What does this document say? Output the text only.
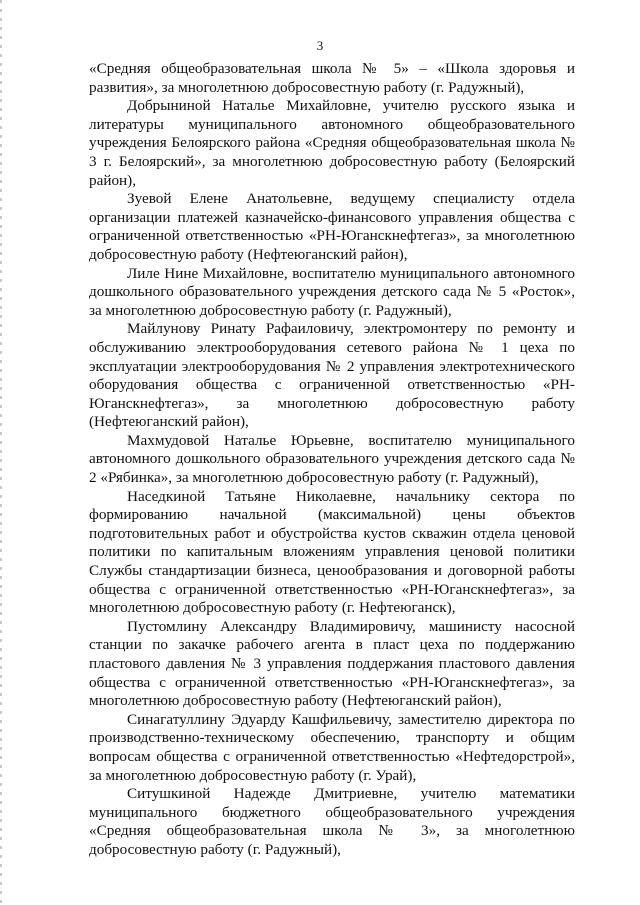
3

«Средняя общеобразовательная школа № 5» – «Школа здоровья и развития», за многолетнюю добросовестную работу (г. Радужный),

Добрыниной Наталье Михайловне, учителю русского языка и литературы муниципального автономного общеобразовательного учреждения Белоярского района «Средняя общеобразовательная школа № 3 г. Белоярский», за многолетнюю добросовестную работу (Белоярский район),

Зуевой Елене Анатольевне, ведущему специалисту отдела организации платежей казначейско-финансового управления общества с ограниченной ответственностью «РН-Юганскнефтегаз», за многолетнюю добросовестную работу (Нефтеюганский район),

Лиле Нине Михайловне, воспитателю муниципального автономного дошкольного образовательного учреждения детского сада № 5 «Росток», за многолетнюю добросовестную работу (г. Радужный),

Майлунову Ринату Рафаиловичу, электромонтеру по ремонту и обслуживанию электрооборудования сетевого района № 1 цеха по эксплуатации электрооборудования № 2 управления электротехнического оборудования общества с ограниченной ответственностью «РН-Юганскнефтегаз», за многолетнюю добросовестную работу (Нефтеюганский район),

Махмудовой Наталье Юрьевне, воспитателю муниципального автономного дошкольного образовательного учреждения детского сада № 2 «Рябинка», за многолетнюю добросовестную работу (г. Радужный),

Наседкиной Татьяне Николаевне, начальнику сектора по формированию начальной (максимальной) цены объектов подготовительных работ и обустройства кустов скважин отдела ценовой политики по капитальным вложениям управления ценовой политики Службы стандартизации бизнеса, ценообразования и договорной работы общества с ограниченной ответственностью «РН-Юганскнефтегаз», за многолетнюю добросовестную работу (г. Нефтеюганск),

Пустомлину Александру Владимировичу, машинисту насосной станции по закачке рабочего агента в пласт цеха по поддержанию пластового давления № 3 управления поддержания пластового давления общества с ограниченной ответственностью «РН-Юганскнефтегаз», за многолетнюю добросовестную работу (Нефтеюганский район),

Синагатуллину Эдуарду Кашфильевичу, заместителю директора по производственно-техническому обеспечению, транспорту и общим вопросам общества с ограниченной ответственностью «Нефтедорстрой», за многолетнюю добросовестную работу (г. Урай),

Ситушкиной Надежде Дмитриевне, учителю математики муниципального бюджетного общеобразовательного учреждения «Средняя общеобразовательная школа № 3», за многолетнюю добросовестную работу (г. Радужный),
